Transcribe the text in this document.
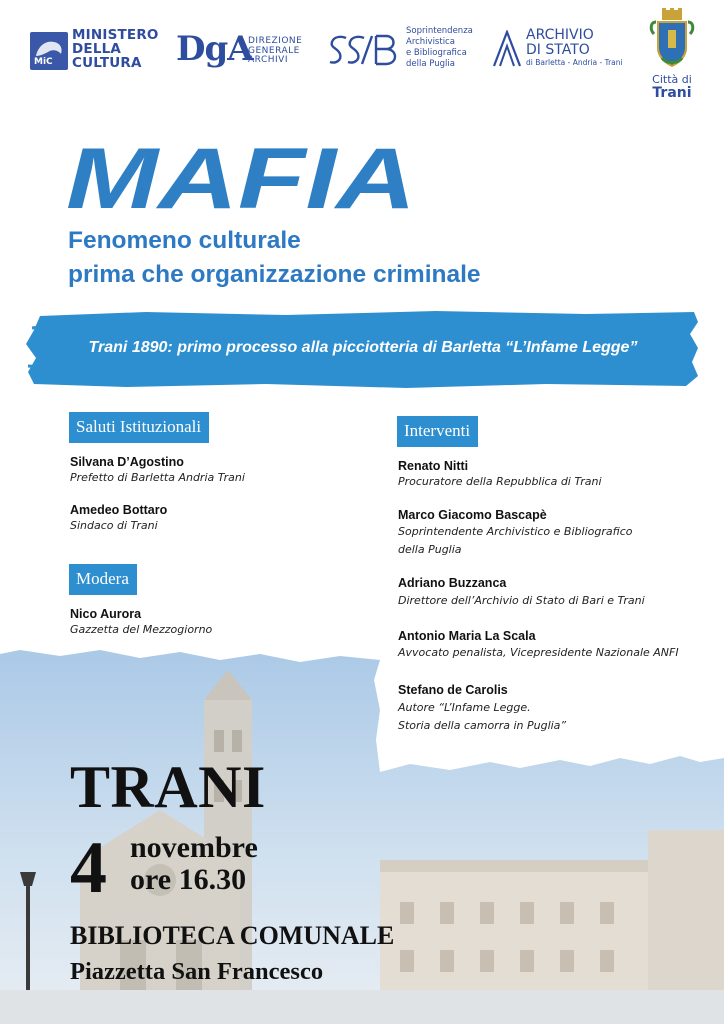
MiC
MINISTERO
DELLA
CULTURA	DgA
DIREZIONE
GENERALE
ARCHIVI
Soprintendenza
Archivistica
e Bibliografica
della Puglia
ARCHIVIO
DI STATO
di Barletta - Andria - Trani
Città di
Trani
MAFIA
Fenomeno culturale
prima che organizzazione criminale
Trani 1890: primo processo alla picciotteria di Barletta “L’Infame Legge”
Saluti Istituzionali
Silvana D’Agostino
Prefetto di Barletta Andria Trani
Amedeo Bottaro
Sindaco di Trani
Modera
Nico Aurora
Gazzetta del Mezzogiorno
Interventi
Renato Nitti
Procuratore della Repubblica di Trani
Marco Giacomo Bascapè
Soprintendente Archivistico e Bibliografico
della Puglia
Adriano Buzzanca
Direttore dell’Archivio di Stato di Bari e Trani
Antonio Maria La Scala
Avvocato penalista, Vicepresidente Nazionale ANFI
Stefano de Carolis
Autore “L’Infame Legge.
Storia della camorra in Puglia”
TRANI
4 novembre
ore 16.30
BIBLIOTECA COMUNALE
Piazzetta San Francesco
